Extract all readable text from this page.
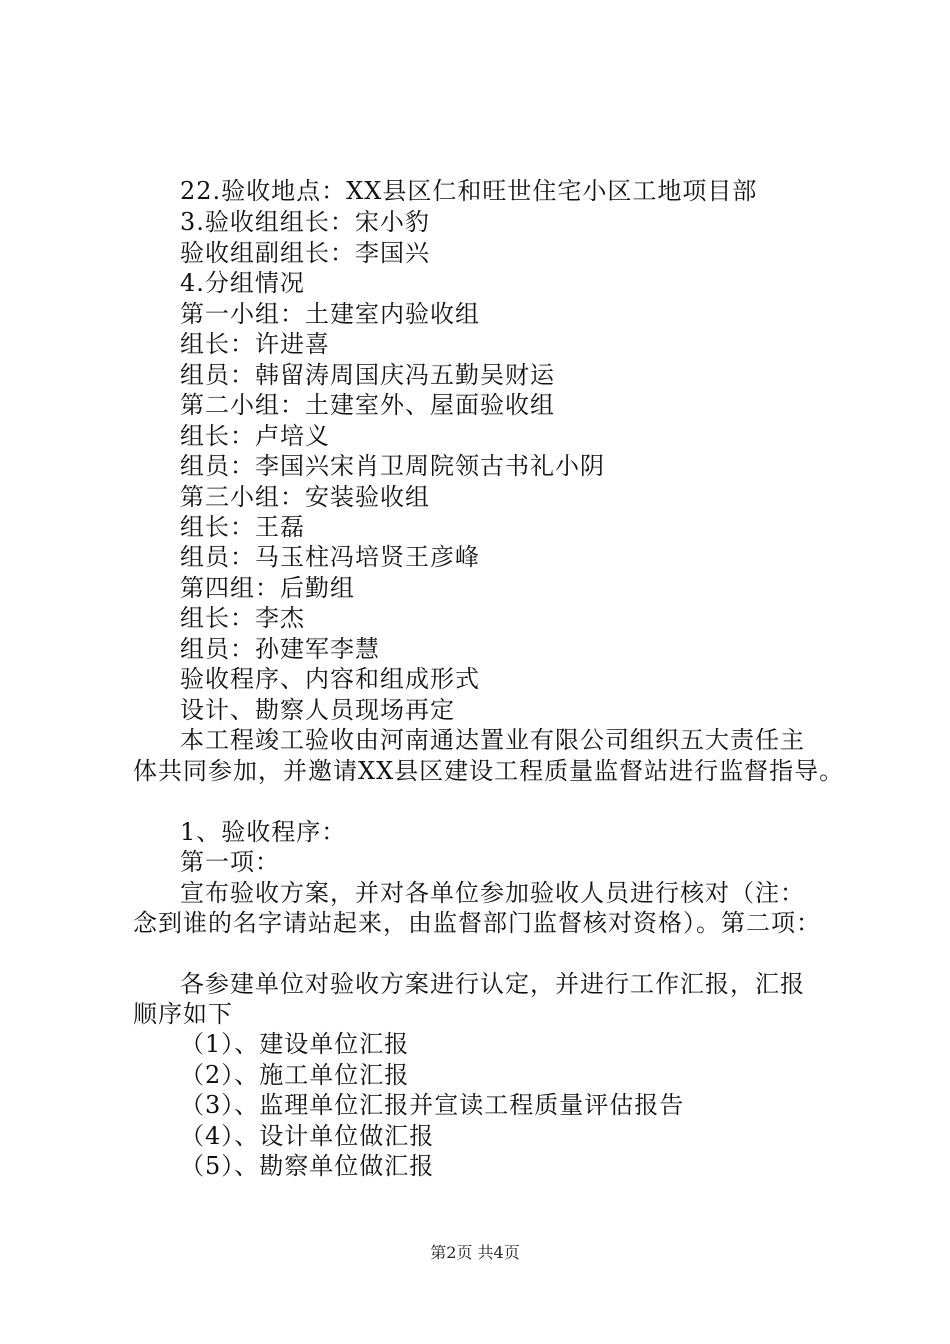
22.验收地点：XX县区仁和旺世住宅小区工地项目部
3.验收组组长：宋小豹
验收组副组长：李国兴
4.分组情况
第一小组：土建室内验收组
组长：许进喜
组员：韩留涛周国庆冯五勤吴财运
第二小组：土建室外、屋面验收组
组长：卢培义
组员：李国兴宋肖卫周院领古书礼小阴
第三小组：安装验收组
组长：王磊
组员：马玉柱冯培贤王彦峰
第四组：后勤组
组长：李杰
组员：孙建军李慧
验收程序、内容和组成形式
设计、勘察人员现场再定
本工程竣工验收由河南通达置业有限公司组织五大责任主
体共同参加，并邀请XX县区建设工程质量监督站进行监督指导。
1、验收程序：
第一项：
宣布验收方案，并对各单位参加验收人员进行核对（注：
念到谁的名字请站起来，由监督部门监督核对资格）。第二项：
各参建单位对验收方案进行认定，并进行工作汇报，汇报
顺序如下
（1）、建设单位汇报
（2）、施工单位汇报
（3）、监理单位汇报并宣读工程质量评估报告
（4）、设计单位做汇报
（5）、勘察单位做汇报
第2页 共4页
